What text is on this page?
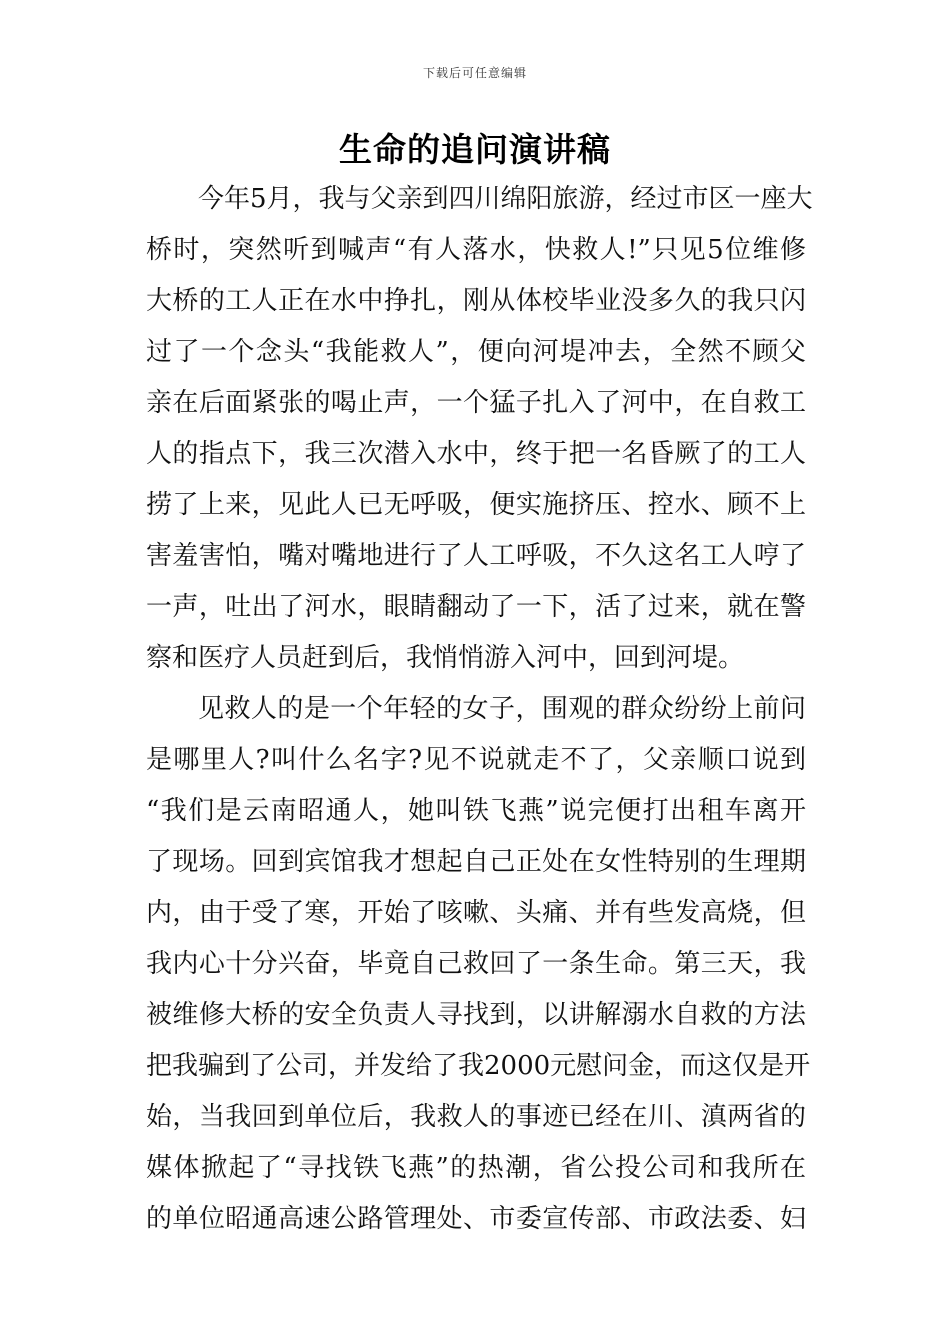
下载后可任意编辑
生命的追问演讲稿
今年5月，我与父亲到四川绵阳旅游，经过市区一座大
桥时，突然听到喊声“有人落水，快救人!”只见5位维修
大桥的工人正在水中挣扎，刚从体校毕业没多久的我只闪
过了一个念头“我能救人”，便向河堤冲去，全然不顾父
亲在后面紧张的喝止声，一个猛子扎入了河中，在自救工
人的指点下，我三次潜入水中，终于把一名昏厥了的工人
捞了上来，见此人已无呼吸，便实施挤压、控水、顾不上
害羞害怕，嘴对嘴地进行了人工呼吸，不久这名工人哼了
一声，吐出了河水，眼睛翻动了一下，活了过来，就在警
察和医疗人员赶到后，我悄悄游入河中，回到河堤。
见救人的是一个年轻的女子，围观的群众纷纷上前问
是哪里人?叫什么名字?见不说就走不了，父亲顺口说到
“我们是云南昭通人，她叫铁飞燕”说完便打出租车离开
了现场。回到宾馆我才想起自己正处在女性特别的生理期
内，由于受了寒，开始了咳嗽、头痛、并有些发高烧，但
我内心十分兴奋，毕竟自己救回了一条生命。第三天，我
被维修大桥的安全负责人寻找到，以讲解溺水自救的方法
把我骗到了公司，并发给了我2000元慰问金，而这仅是开
始，当我回到单位后，我救人的事迹已经在川、滇两省的
媒体掀起了“寻找铁飞燕”的热潮，省公投公司和我所在
的单位昭通高速公路管理处、市委宣传部、市政法委、妇
